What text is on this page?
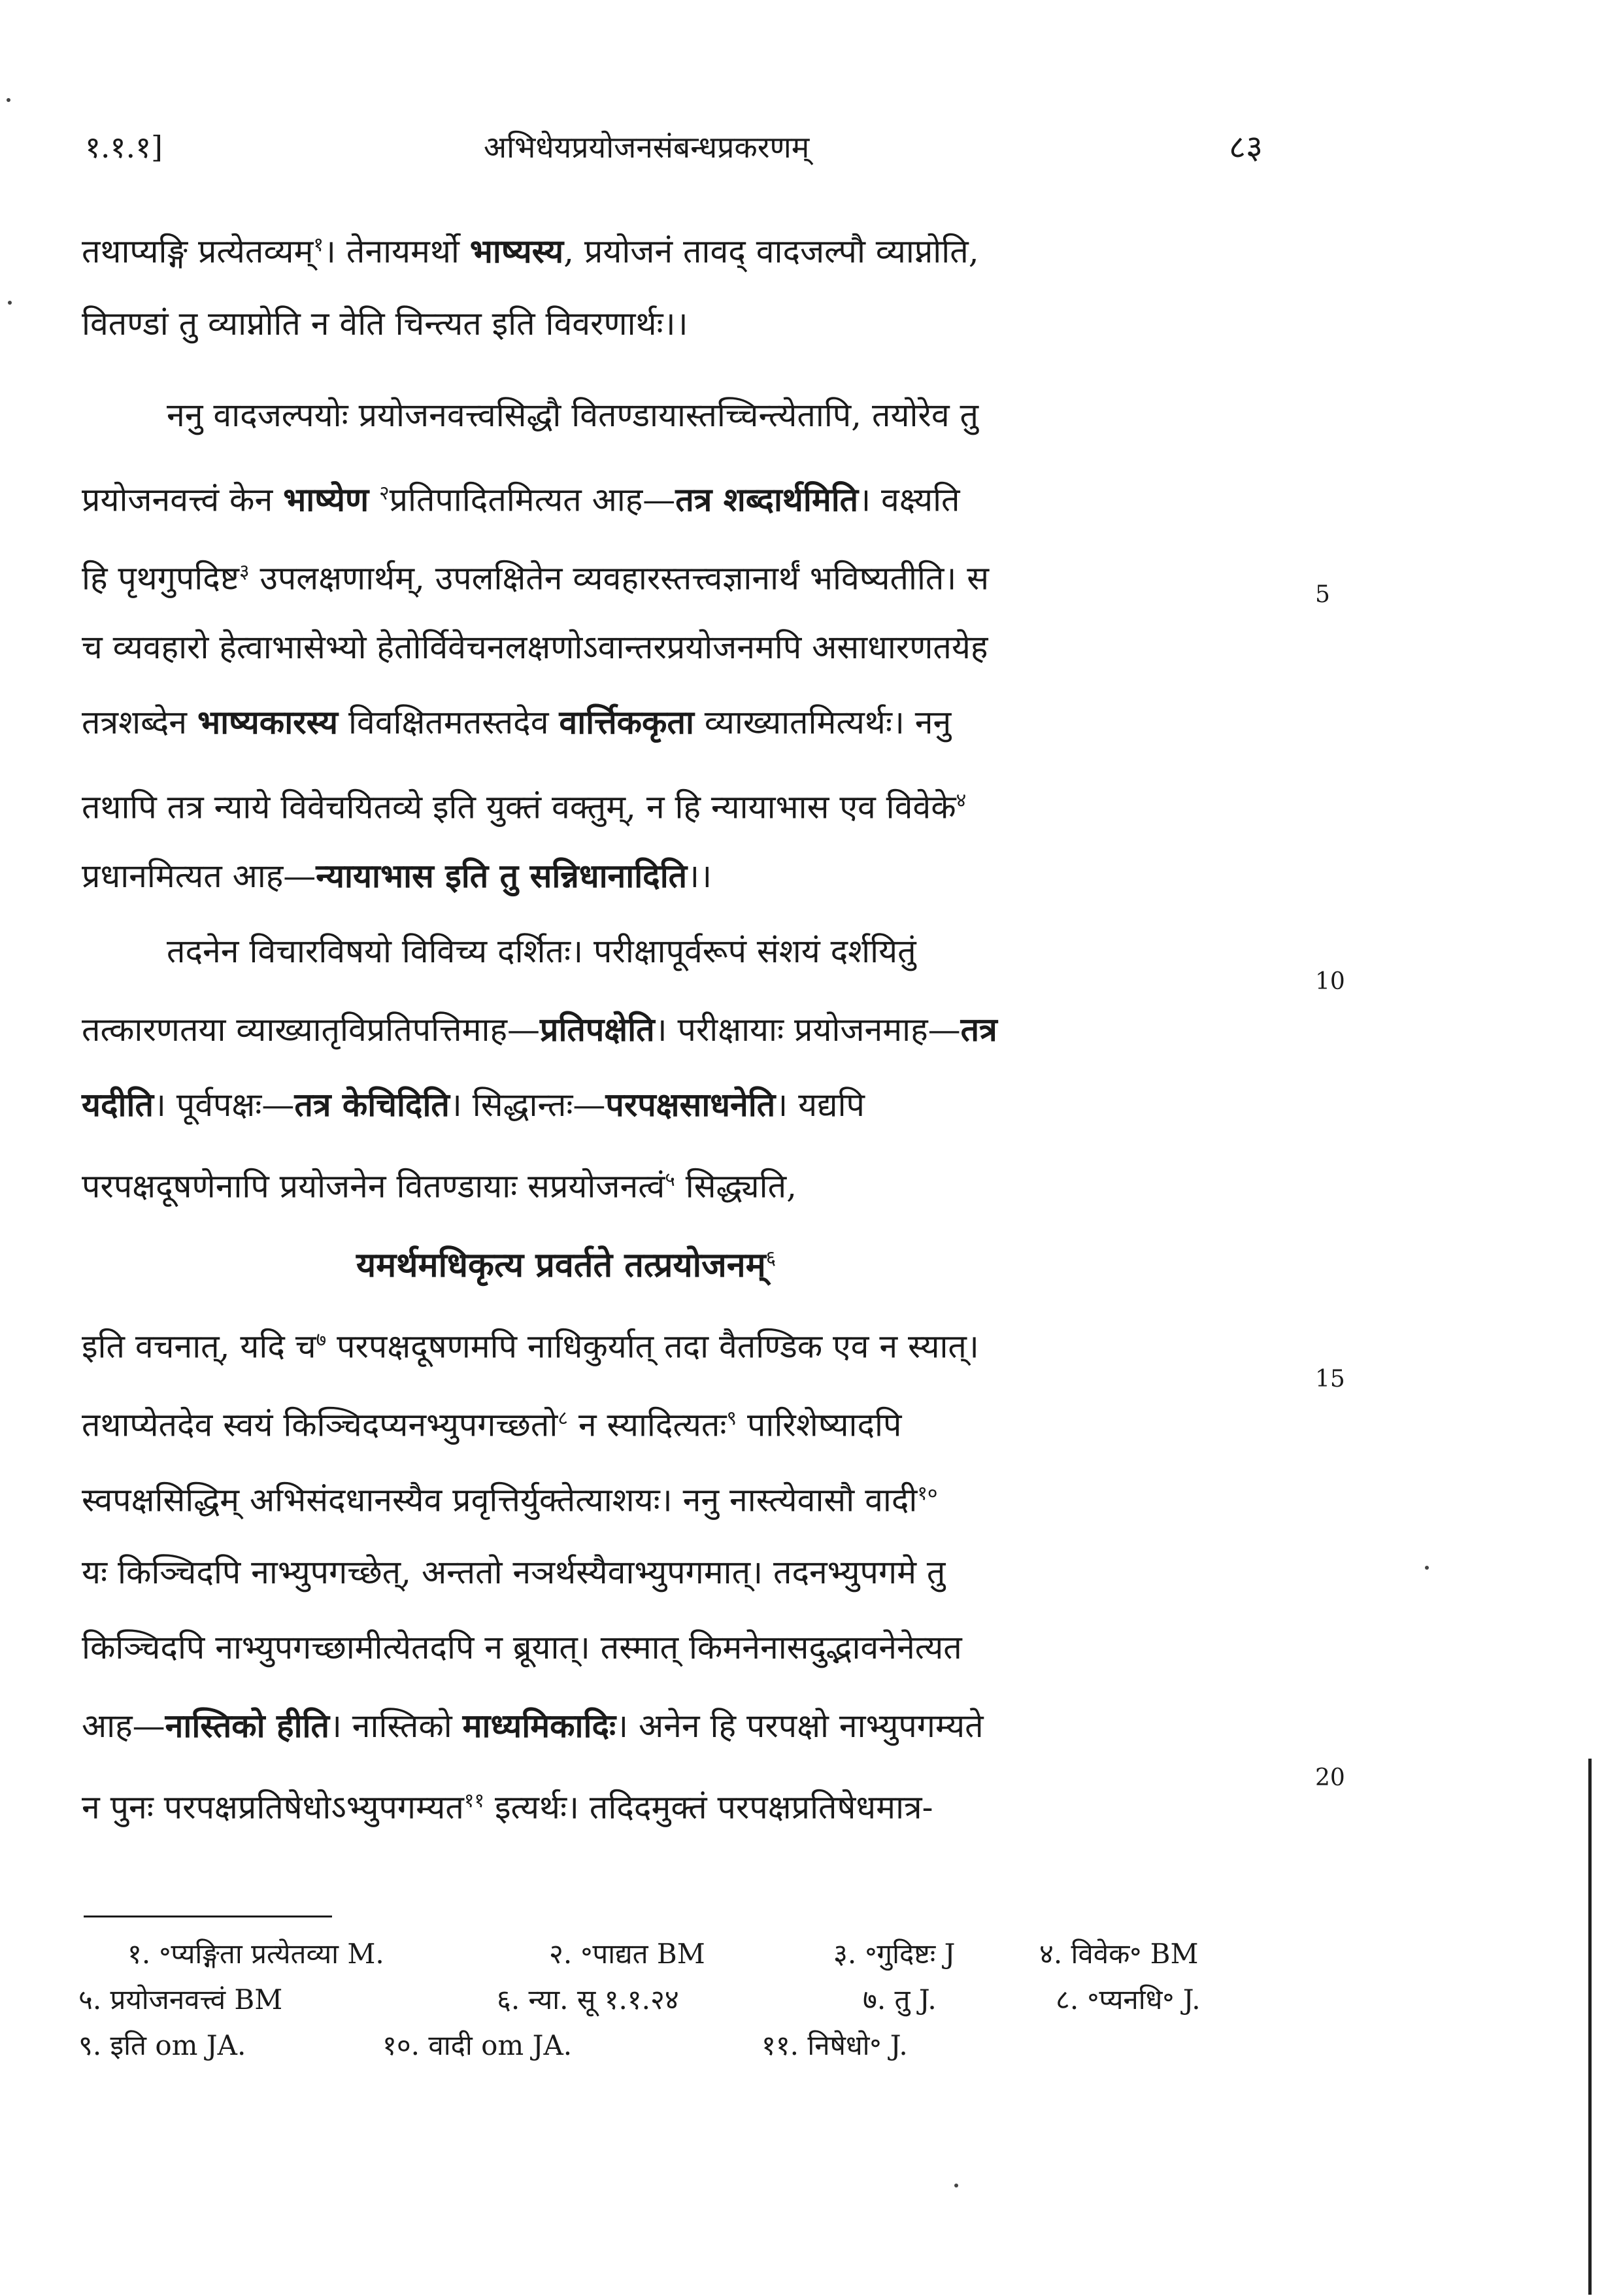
१.१.१]	अभिधेयप्रयोजनसंबन्धप्रकरणम्	८३
तथाप्यङ्गि प्रत्येतव्यम्$^१$। तेनायमर्थो भाष्यस्य, प्रयोजनं तावद् वादजल्पौ व्याप्नोति,
वितण्डां तु व्याप्नोति न वेति चिन्त्यत इति विवरणार्थः।।
ननु वादजल्पयोः प्रयोजनवत्त्वसिद्धौ वितण्डायास्तच्चिन्त्येतापि, तयोरेव तु
प्रयोजनवत्त्वं केन भाष्येण $^२$प्रतिपादितमित्यत आह—तत्र शब्दार्थमिति। वक्ष्यति
हि पृथगुपदिष्ट$^३$ उपलक्षणार्थम्, उपलक्षितेन व्यवहारस्तत्त्वज्ञानार्थं भविष्यतीति। स
च व्यवहारो हेत्वाभासेभ्यो हेतोर्विवेचनलक्षणोऽवान्तरप्रयोजनमपि असाधारणतयेह
तत्रशब्देन भाष्यकारस्य विवक्षितमतस्तदेव वार्त्तिककृता व्याख्यातमित्यर्थः। ननु
तथापि तत्र न्याये विवेचयितव्ये इति युक्तं वक्तुम्, न हि न्यायाभास एव विवेके$^४$
प्रधानमित्यत आह—न्यायाभास इति तु सन्निधानादिति।।
तदनेन विचारविषयो विविच्य दर्शितः। परीक्षापूर्वरूपं संशयं दर्शयितुं
तत्कारणतया व्याख्यातृविप्रतिपत्तिमाह—प्रतिपक्षेति। परीक्षायाः प्रयोजनमाह—तत्र
यदीति। पूर्वपक्षः—तत्र केचिदिति। सिद्धान्तः—परपक्षसाधनेति। यद्यपि
परपक्षदूषणेनापि प्रयोजनेन वितण्डायाः सप्रयोजनत्वं$^५$ सिद्ध्यति,
यमर्थमधिकृत्य प्रवर्तते तत्प्रयोजनम्$^६$
इति वचनात्, यदि च$^७$ परपक्षदूषणमपि नाधिकुर्यात् तदा वैतण्डिक एव न स्यात्।
तथाप्येतदेव स्वयं किञ्चिदप्यनभ्युपगच्छतो$^८$ न स्यादित्यतः$^९$ पारिशेष्यादपि
स्वपक्षसिद्धिम् अभिसंदधानस्यैव प्रवृत्तिर्युक्तेत्याशयः। ननु नास्त्येवासौ वादी$^{१०}$
यः किञ्चिदपि नाभ्युपगच्छेत्, अन्ततो नञर्थस्यैवाभ्युपगमात्। तदनभ्युपगमे तु
किञ्चिदपि नाभ्युपगच्छामीत्येतदपि न ब्रूयात्। तस्मात् किमनेनासदुद्भावनेनेत्यत
आह—नास्तिको हीति। नास्तिको माध्यमिकादिः। अनेन हि परपक्षो नाभ्युपगम्यते
न पुनः परपक्षप्रतिषेधोऽभ्युपगम्यत$^{११}$ इत्यर्थः। तदिदमुक्तं परपक्षप्रतिषेधमात्र-
5
10
15
20
१. ॰प्यङ्गिता प्रत्येतव्या M.	२. ॰पाद्यत BM	३. ॰गुदिष्टः J	४. विवेक॰ BM
५. प्रयोजनवत्त्वं BM	६. न्या. सू १.१.२४	७. तु J.	८. ॰प्यनधि॰ J.
९. इति om JA.	१०. वादी om JA.	११. निषेधो॰ J.
